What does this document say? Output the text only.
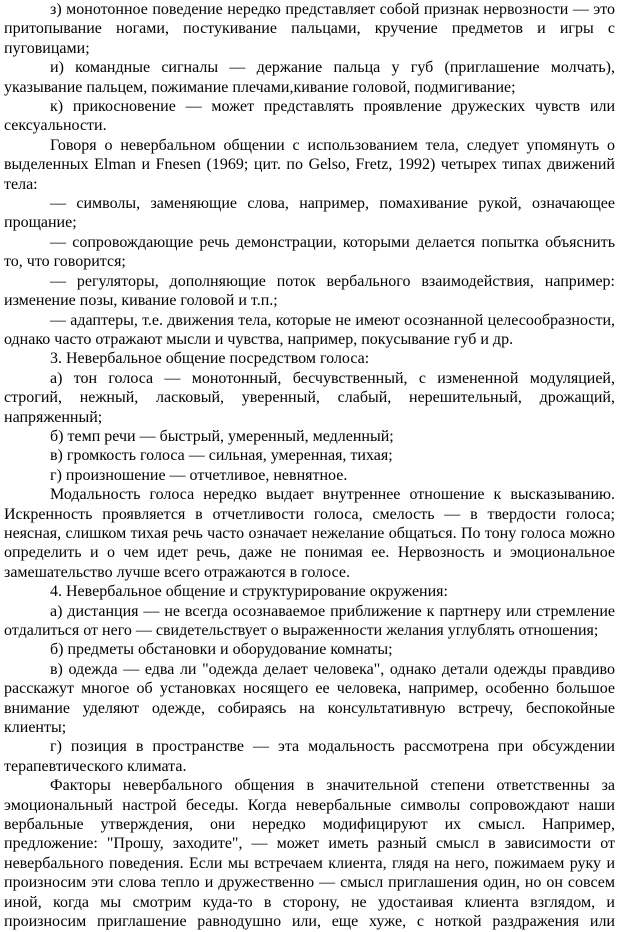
з) монотонное поведение нередко представляет собой признак нервозности — это притопывание ногами, постукивание пальцами, кручение предметов и игры с пуговицами;

и) командные сигналы — держание пальца у губ (приглашение молчать), указывание пальцем, пожимание плечами,кивание головой, подмигивание;

к) прикосновение — может представлять проявление дружеских чувств или сексуальности.

Говоря о невербальном общении с использованием тела, следует упомянуть о выделенных Elman и Fnesen (1969; цит. по Gelso, Fretz, 1992) четырех типах движений тела:

— символы, заменяющие слова, например, помахивание рукой, означающее прощание;

— сопровождающие речь демонстрации, которыми делается попытка объяснить то, что говорится;

— регуляторы, дополняющие поток вербального взаимодействия, например: изменение позы, кивание головой и т.п.;

— адаптеры, т.е. движения тела, которые не имеют осознанной целесообразности, однако часто отражают мысли и чувства, например, покусывание губ и др.

3. Невербальное общение посредством голоса:

а) тон голоса — монотонный, бесчувственный, с измененной модуляцией, строгий, нежный, ласковый, уверенный, слабый, нерешительный, дрожащий, напряженный;

б) темп речи — быстрый, умеренный, медленный;

в) громкость голоса — сильная, умеренная, тихая;

г) произношение — отчетливое, невнятное.

Модальность голоса нередко выдает внутреннее отношение к высказыванию. Искренность проявляется в отчетливости голоса, смелость — в твердости голоса; неясная, слишком тихая речь часто означает нежелание общаться. По тону голоса можно определить и о чем идет речь, даже не понимая ее. Нервозность и эмоциональное замешательство лучше всего отражаются в голосе.

4. Невербальное общение и структурирование окружения:

а) дистанция — не всегда осознаваемое приближение к партнеру или стремление отдалиться от него — свидетельствует о выраженности желания углублять отношения;

б) предметы обстановки и оборудование комнаты;

в) одежда — едва ли "одежда делает человека", однако детали одежды правдиво расскажут многое об установках носящего ее человека, например, особенно большое внимание уделяют одежде, собираясь на консультативную встречу, беспокойные клиенты;

г) позиция в пространстве — эта модальность рассмотрена при обсуждении терапевтического климата.

Факторы невербального общения в значительной степени ответственны за эмоциональный настрой беседы. Когда невербальные символы сопровождают наши вербальные утверждения, они нередко модифицируют их смысл. Например, предложение: "Прошу, заходите", — может иметь разный смысл в зависимости от невербального поведения. Если мы встречаем клиента, глядя на него, пожимаем руку и произносим эти слова тепло и дружественно — смысл приглашения один, но он совсем иной, когда мы смотрим куда-то в сторону, не удостаивая клиента взглядом, и произносим приглашение равнодушно или, еще хуже, с ноткой раздражения или
